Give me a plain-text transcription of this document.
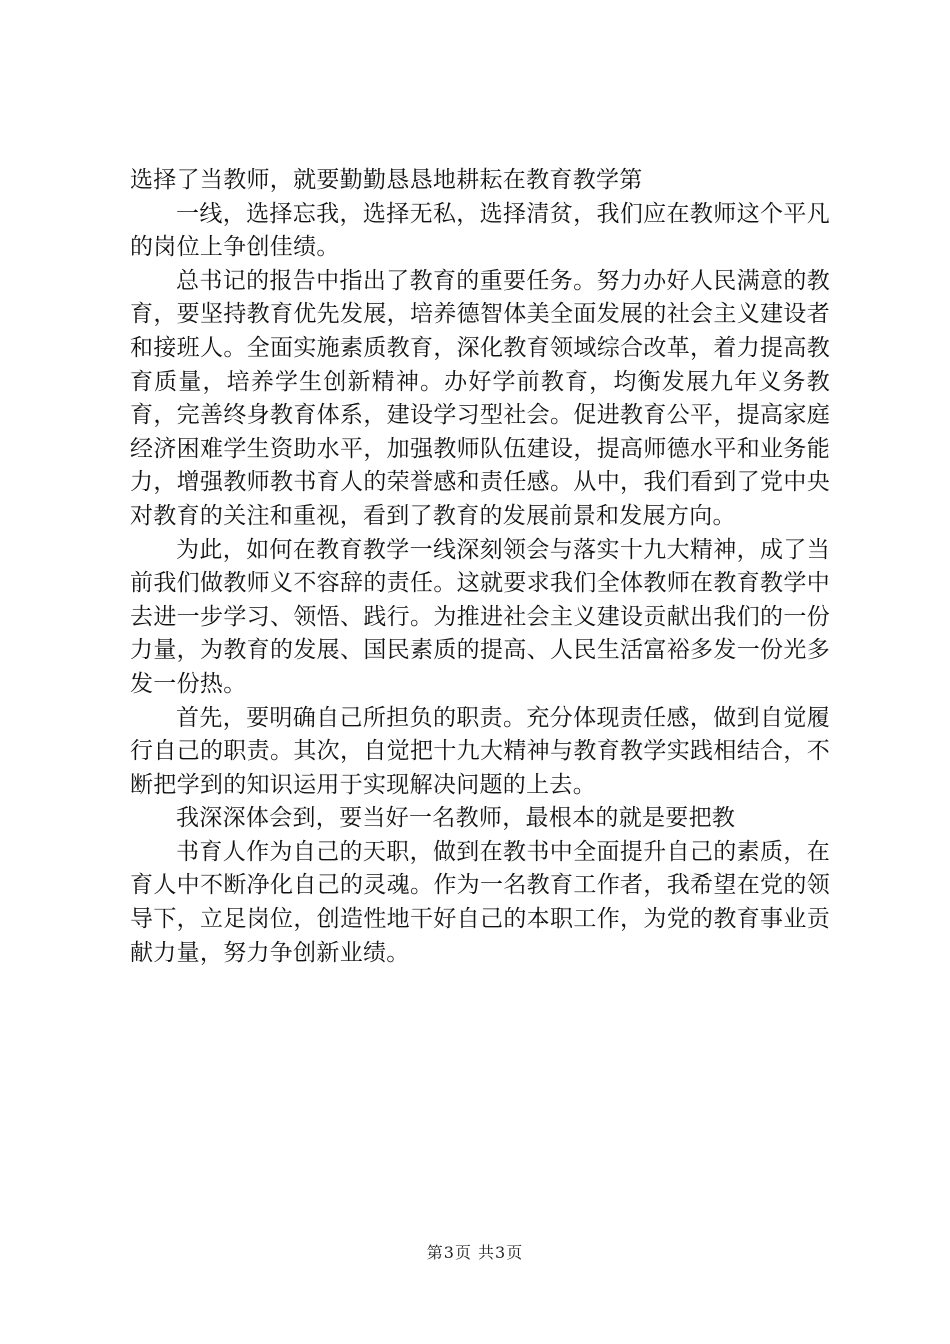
选择了当教师，就要勤勤恳恳地耕耘在教育教学第

一线，选择忘我，选择无私，选择清贫，我们应在教师这个平凡的岗位上争创佳绩。

总书记的报告中指出了教育的重要任务。努力办好人民满意的教育，要坚持教育优先发展，培养德智体美全面发展的社会主义建设者和接班人。全面实施素质教育，深化教育领域综合改革，着力提高教育质量，培养学生创新精神。办好学前教育，均衡发展九年义务教育，完善终身教育体系，建设学习型社会。促进教育公平，提高家庭经济困难学生资助水平，加强教师队伍建设，提高师德水平和业务能力，增强教师教书育人的荣誉感和责任感。从中，我们看到了党中央对教育的关注和重视，看到了教育的发展前景和发展方向。

为此，如何在教育教学一线深刻领会与落实十九大精神，成了当前我们做教师义不容辞的责任。这就要求我们全体教师在教育教学中去进一步学习、领悟、践行。为推进社会主义建设贡献出我们的一份力量，为教育的发展、国民素质的提高、人民生活富裕多发一份光多发一份热。

首先，要明确自己所担负的职责。充分体现责任感，做到自觉履行自己的职责。其次，自觉把十九大精神与教育教学实践相结合，不断把学到的知识运用于实现解决问题的上去。

我深深体会到，要当好一名教师，最根本的就是要把教

书育人作为自己的天职，做到在教书中全面提升自己的素质，在育人中不断净化自己的灵魂。作为一名教育工作者，我希望在党的领导下，立足岗位，创造性地干好自己的本职工作，为党的教育事业贡献力量，努力争创新业绩。

第3页 共3页
